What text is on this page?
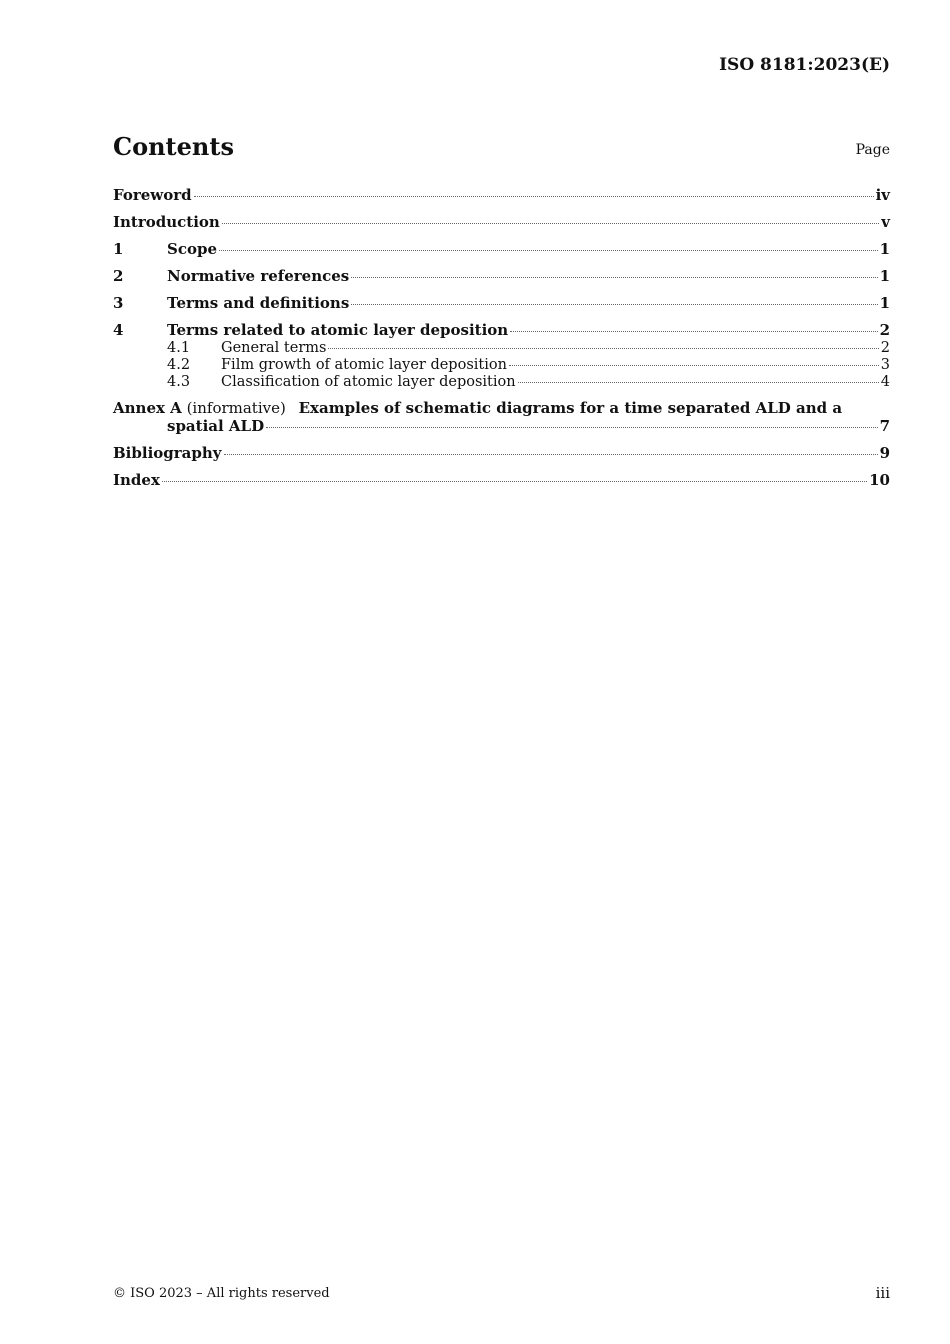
ISO 8181:2023(E)
Contents	Page
Foreword	iv
Introduction	v
1	Scope	1
2	Normative references	1
3	Terms and definitions	1
4	Terms related to atomic layer deposition	2
4.1	General terms	2
4.2	Film growth of atomic layer deposition	3
4.3	Classification of atomic layer deposition	4
Annex A (informative) Examples of schematic diagrams for a time separated ALD and a
spatial ALD	7
Bibliography	9
Index	10
© ISO 2023 – All rights reserved	iii
